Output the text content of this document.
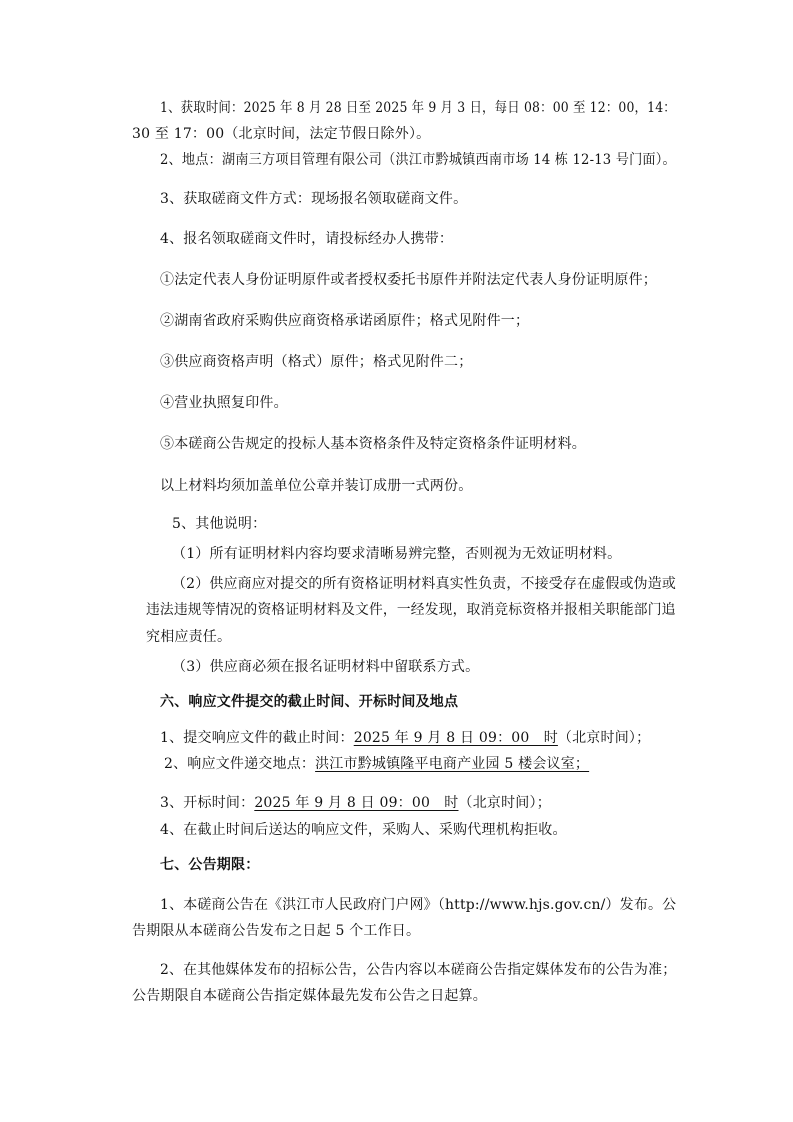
1、获取时间：2025 年 8 月 28 日至 2025 年 9 月 3 日，每日 08：00 至 12：00，14：
30 至 17：00（北京时间，法定节假日除外）。
2、地点：湖南三方项目管理有限公司（洪江市黔城镇西南市场 14 栋 12-13 号门面）。
3、获取磋商文件方式：现场报名领取磋商文件。
4、报名领取磋商文件时，请投标经办人携带：
①法定代表人身份证明原件或者授权委托书原件并附法定代表人身份证明原件；
②湖南省政府采购供应商资格承诺函原件；格式见附件一；
③供应商资格声明（格式）原件；格式见附件二；
④营业执照复印件。
⑤本磋商公告规定的投标人基本资格条件及特定资格条件证明材料。
以上材料均须加盖单位公章并装订成册一式两份。
5、其他说明：
（1）所有证明材料内容均要求清晰易辨完整，否则视为无效证明材料。
（2）供应商应对提交的所有资格证明材料真实性负责，不接受存在虚假或伪造或
违法违规等情况的资格证明材料及文件，一经发现，取消竞标资格并报相关职能部门追
究相应责任。
（3）供应商必须在报名证明材料中留联系方式。
六、响应文件提交的截止时间、开标时间及地点
1、提交响应文件的截止时间：2025 年 9 月 8 日 09：00　时（北京时间）；
2、响应文件递交地点：洪江市黔城镇隆平电商产业园 5 楼会议室；
3、开标时间：2025 年 9 月 8 日 09：00　时（北京时间）；
4、在截止时间后送达的响应文件，采购人、采购代理机构拒收。
七、公告期限：
1、本磋商公告在《洪江市人民政府门户网》（http://www.hjs.gov.cn/）发布。公
告期限从本磋商公告发布之日起 5 个工作日。
2、在其他媒体发布的招标公告，公告内容以本磋商公告指定媒体发布的公告为准；
公告期限自本磋商公告指定媒体最先发布公告之日起算。
